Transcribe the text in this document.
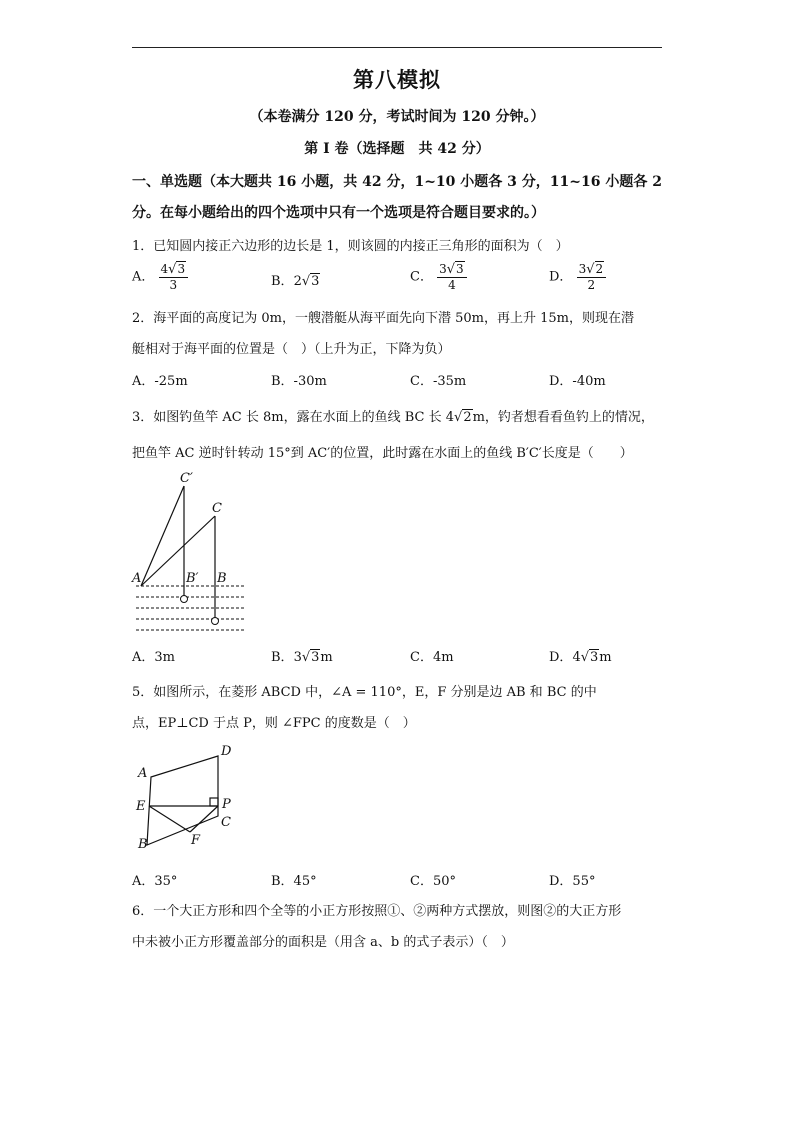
第八模拟
（本卷满分 120 分，考试时间为 120 分钟。）
第 I 卷（选择题　共 42 分）
一、单选题（本大题共 16 小题，共 42 分，1~10 小题各 3 分，11~16 小题各 2
分。在每小题给出的四个选项中只有一个选项是符合题目要求的。）
1．已知圆内接正六边形的边长是 1，则该圆的内接正三角形的面积为（　）
A． $\frac{4√3}{3}$	B．2√3	C． $\frac{3√3}{4}$	D． $\frac{3√2}{2}$
2．海平面的高度记为 0m，一艘潜艇从海平面先向下潜 50m，再上升 15m，则现在潜
艇相对于海平面的位置是（　）（上升为正，下降为负）
A．-25m	B．-30m	C．-35m	D．-40m
3．如图钓鱼竿 AC 长 8m，露在水面上的鱼线 BC 长 4√2m，钓者想看看鱼钓上的情况，
把鱼竿 AC 逆时针转动 15°到 AC′的位置，此时露在水面上的鱼线 B′C′长度是（　　）
C′
C
A	B′ B
A．3m	B．3√3m	C．4m	D．4√3m
5．如图所示，在菱形 ABCD 中，∠A = 110°，E，F 分别是边 AB 和 BC 的中
点，EP⊥CD 于点 P，则 ∠FPC 的度数是（　）
A
D
E	P
C
F
B
A．35°	B．45°	C．50°	D．55°
6．一个大正方形和四个全等的小正方形按照①、②两种方式摆放，则图②的大正方形
中未被小正方形覆盖部分的面积是（用含 a、b 的式子表示）（　）
